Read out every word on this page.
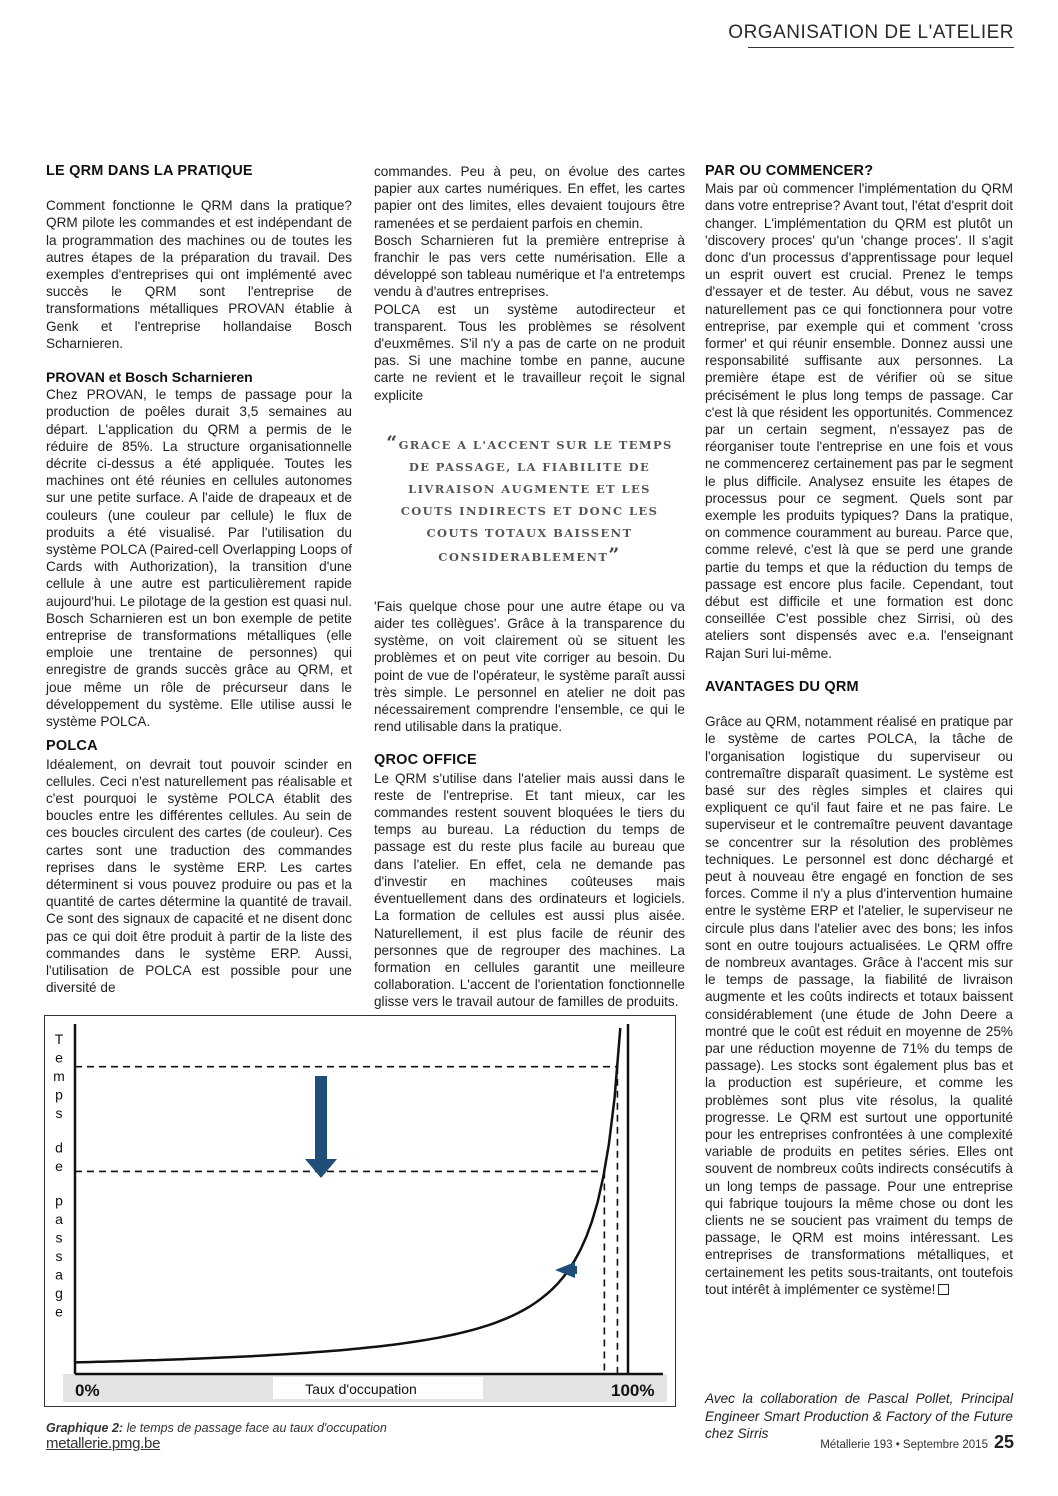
ORGANISATION DE L'ATELIER
LE QRM DANS LA PRATIQUE

Comment fonctionne le QRM dans la pratique? QRM pilote les commandes et est indépendant de la programmation des machines ou de toutes les autres étapes de la préparation du travail. Des exemples d'entreprises qui ont implémenté avec succès le QRM sont l'entreprise de transformations métalliques PROVAN établie à Genk et l'entreprise hollandaise Bosch Scharnieren.

PROVAN et Bosch Scharnieren

Chez PROVAN, le temps de passage pour la production de poêles durait 3,5 semaines au départ. L'application du QRM a permis de le réduire de 85%. La structure organisationnelle décrite ci-dessus a été appliquée. Toutes les machines ont été réunies en cellules autonomes sur une petite surface. A l'aide de drapeaux et de couleurs (une couleur par cellule) le flux de produits a été visualisé. Par l'utilisation du système POLCA (Paired-cell Overlapping Loops of Cards with Authorization), la transition d'une cellule à une autre est particulièrement rapide aujourd'hui. Le pilotage de la gestion est quasi nul. Bosch Scharnieren est un bon exemple de petite entreprise de transformations métalliques (elle emploie une trentaine de personnes) qui enregistre de grands succès grâce au QRM, et joue même un rôle de précurseur dans le développement du système. Elle utilise aussi le système POLCA.

POLCA

Idéalement, on devrait tout pouvoir scinder en cellules. Ceci n'est naturellement pas réalisable et c'est pourquoi le système POLCA établit des boucles entre les différentes cellules. Au sein de ces boucles circulent des cartes (de couleur). Ces cartes sont une traduction des commandes reprises dans le système ERP. Les cartes déterminent si vous pouvez produire ou pas et la quantité de cartes détermine la quantité de travail. Ce sont des signaux de capacité et ne disent donc pas ce qui doit être produit à partir de la liste des commandes dans le système ERP. Aussi, l'utilisation de POLCA est possible pour une diversité de

commandes. Peu à peu, on évolue des cartes papier aux cartes numériques. En effet, les cartes papier ont des limites, elles devaient toujours être ramenées et se perdaient parfois en chemin.

Bosch Scharnieren fut la première entreprise à franchir le pas vers cette numérisation. Elle a développé son tableau numérique et l'a entretemps vendu à d'autres entreprises.

POLCA est un système autodirecteur et transparent. Tous les problèmes se résolvent d'euxmêmes. S'il n'y a pas de carte on ne produit pas. Si une machine tombe en panne, aucune carte ne revient et le travailleur reçoit le signal explicite

“GRACE A L'ACCENT SUR LE TEMPS DE PASSAGE, LA FIABILITE DE LIVRAISON AUGMENTE ET LES COUTS INDIRECTS ET DONC LES COUTS TOTAUX BAISSENT CONSIDERABLEMENT”

'Fais quelque chose pour une autre étape ou va aider tes collègues'. Grâce à la transparence du système, on voit clairement où se situent les problèmes et on peut vite corriger au besoin. Du point de vue de l'opérateur, le système paraît aussi très simple. Le personnel en atelier ne doit pas nécessairement comprendre l'ensemble, ce qui le rend utilisable dans la pratique.

QROC OFFICE

Le QRM s'utilise dans l'atelier mais aussi dans le reste de l'entreprise. Et tant mieux, car les commandes restent souvent bloquées le tiers du temps au bureau. La réduction du temps de passage est du reste plus facile au bureau que dans l'atelier. En effet, cela ne demande pas d'investir en machines coûteuses mais éventuellement dans des ordinateurs et logiciels. La formation de cellules est aussi plus aisée. Naturellement, il est plus facile de réunir des personnes que de regrouper des machines. La formation en cellules garantit une meilleure collaboration. L'accent de l'orientation fonctionnelle glisse vers le travail autour de familles de produits.

PAR OU COMMENCER?

Mais par où commencer l'implémentation du QRM dans votre entreprise? Avant tout, l'état d'esprit doit changer. L'implémentation du QRM est plutôt un 'discovery proces' qu'un 'change proces'. Il s'agit donc d'un processus d'apprentissage pour lequel un esprit ouvert est crucial. Prenez le temps d'essayer et de tester. Au début, vous ne savez naturellement pas ce qui fonctionnera pour votre entreprise, par exemple qui et comment 'cross former' et qui réunir ensemble. Donnez aussi une responsabilité suffisante aux personnes. La première étape est de vérifier où se situe précisément le plus long temps de passage. Car c'est là que résident les opportunités. Commencez par un certain segment, n'essayez pas de réorganiser toute l'entreprise en une fois et vous ne commencerez certainement pas par le segment le plus difficile. Analysez ensuite les étapes de processus pour ce segment. Quels sont par exemple les produits typiques? Dans la pratique, on commence couramment au bureau. Parce que, comme relevé, c'est là que se perd une grande partie du temps et que la réduction du temps de passage est encore plus facile. Cependant, tout début est difficile et une formation est donc conseillée C'est possible chez Sirrisi, où des ateliers sont dispensés avec e.a. l'enseignant Rajan Suri lui-même.

AVANTAGES DU QRM

Grâce au QRM, notamment réalisé en pratique par le système de cartes POLCA, la tâche de l'organisation logistique du superviseur ou contremaître disparaît quasiment. Le système est basé sur des règles simples et claires qui expliquent ce qu'il faut faire et ne pas faire. Le superviseur et le contremaître peuvent davantage se concentrer sur la résolution des problèmes techniques. Le personnel est donc déchargé et peut à nouveau être engagé en fonction de ses forces. Comme il n'y a plus d'intervention humaine entre le système ERP et l'atelier, le superviseur ne circule plus dans l'atelier avec des bons; les infos sont en outre toujours actualisées. Le QRM offre de nombreux avantages. Grâce à l'accent mis sur le temps de passage, la fiabilité de livraison augmente et les coûts indirects et totaux baissent considérablement (une étude de John Deere a montré que le coût est réduit en moyenne de 25% par une réduction moyenne de 71% du temps de passage). Les stocks sont également plus bas et la production est supérieure, et comme les problèmes sont plus vite résolus, la qualité progresse. Le QRM est surtout une opportunité pour les entreprises confrontées à une complexité variable de produits en petites séries. Elles ont souvent de nombreux coûts indirects consécutifs à un long temps de passage. Pour une entreprise qui fabrique toujours la même chose ou dont les clients ne se soucient pas vraiment du temps de passage, le QRM est moins intéressant. Les entreprises de transformations métalliques, et certainement les petits sous-traitants, ont toutefois tout intérêt à implémenter ce système!

Avec la collaboration de Pascal Pollet, Principal Engineer Smart Production & Factory of the Future chez Sirris
0%	100%
Taux d'occupation
T
e
m
p
s
d
e
p
a
s
s
a
g
e
Graphique 2: le temps de passage face au taux d'occupation
metallerie.pmg.be	Métallerie 193 • Septembre 2015 25
